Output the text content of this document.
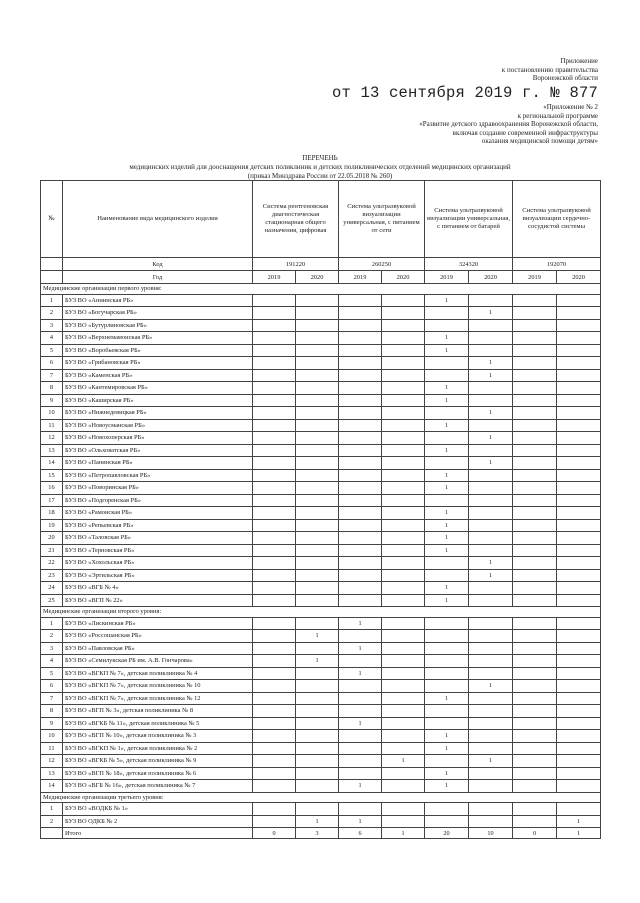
Приложение
к постановлению правительства
Воронежской области
от 13 сентября 2019 г. № 877
«Приложение № 2
к региональной программе
«Развитие детского здравоохранения Воронежской области,
включая создание современной инфраструктуры
оказания медицинской помощи детям»
ПЕРЕЧЕНЬ
медицинских изделий для дооснащения детских поликлиник и детских поликлинических отделений медицинских организаций
(приказ Минздрава России от 22.05.2018 № 260)
№	Наименование вида медицинского изделия	Система рентгеновская диагностическая стационарная общего назначения, цифровая		Система ультразвуковой визуализации универсальная, с питанием от сети		Система ультразвуковой визуализации универсальная, с питанием от батарей		Система ультразвуковой визуализации сердечно-сосудистой системы	
	Код	191220		260250		324320		192070	
	Год	2019	2020	2019	2020	2019	2020	2019	2020
Медицинские организации первого уровня:									
1	БУЗ ВО «Аннинская РБ»					1			
2	БУЗ ВО «Богучарская РБ»						1		
3	БУЗ ВО «Бутурлиновская РБ»								
4	БУЗ ВО «Верхнемамонская РБ»					1			
5	БУЗ ВО «Воробьевская РБ»					1			
6	БУЗ ВО «Грибановская РБ»						1		
7	БУЗ ВО «Каменская РБ»						1		
8	БУЗ ВО «Кантемировская РБ»					1			
9	БУЗ ВО «Каширская РБ»					1			
10	БУЗ ВО «Нижнедевицкая РБ»						1		
11	БУЗ ВО «Новоусманская РБ»					1			
12	БУЗ ВО «Новохоперская РБ»						1		
13	БУЗ ВО «Ольховатская РБ»					1			
14	БУЗ ВО «Панинская РБ»						1		
15	БУЗ ВО «Петропавловская РБ»					1			
16	БУЗ ВО «Поворинская РБ»					1			
17	БУЗ ВО «Подгоренская РБ»								
18	БУЗ ВО «Рамонская РБ»					1			
19	БУЗ ВО «Репьевская РБ»					1			
20	БУЗ ВО «Таловская РБ»					1			
21	БУЗ ВО «Терновская РБ»					1			
22	БУЗ ВО «Хохольская РБ»						1		
23	БУЗ ВО «Эртильская РБ»						1		
24	БУЗ ВО «ВГБ № 4»					1			
25	БУЗ ВО «ВГП № 22»					1			
Медицинские организации второго уровня:									
1	БУЗ ВО «Лискинская РБ»			1					
2	БУЗ ВО «Россошанская РБ»		1						
3	БУЗ ВО «Павловская РБ»			1					
4	БУЗ ВО «Семилукская РБ им. А.В. Гончарова»		1						
5	БУЗ ВО «ВГКП № 7», детская поликлиника № 4			1					
6	БУЗ ВО «ВГКП № 7», детская поликлиника № 10						1		
7	БУЗ ВО «ВГКП № 7», детская поликлиника № 12					1			
8	БУЗ ВО «ВГП № 3», детская поликлиника № 8								
9	БУЗ ВО «ВГКБ № 11», детская поликлиника № 5			1					
10	БУЗ ВО «ВГП № 10», детская поликлиника № 3					1			
11	БУЗ ВО «ВГКП № 1», детская поликлиника № 2					1			
12	БУЗ ВО «ВГКБ № 5», детская поликлиника № 9				1		1		
13	БУЗ ВО «ВГП № 18», детская поликлиника № 6					1			
14	БУЗ ВО «ВГБ № 16», детская поликлиника № 7			1		1			
Медицинские организации третьего уровня:									
1	БУЗ ВО «ВОДКБ № 1»								
2	БУЗ ВО ОДКБ № 2		1	1					1
	Итого	0	3	6	1	20	10	0	1
